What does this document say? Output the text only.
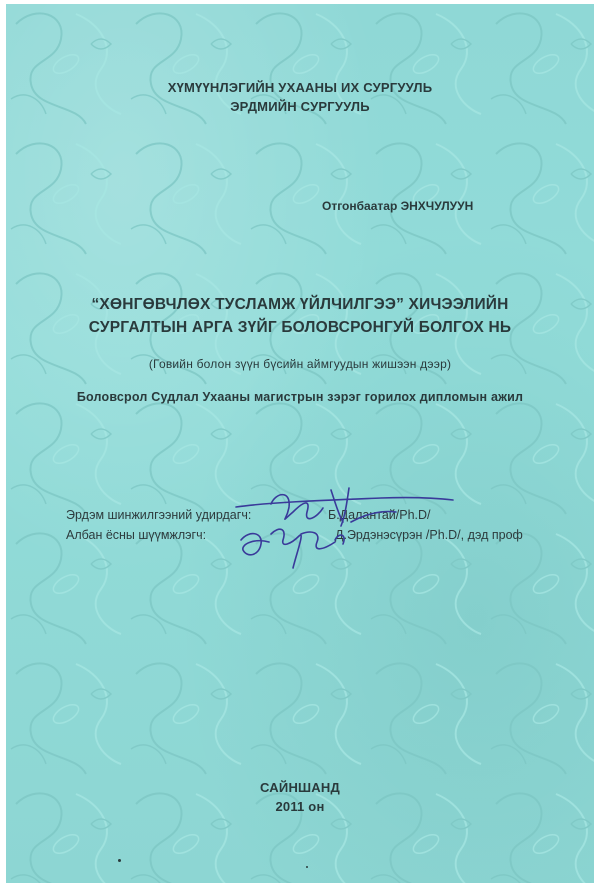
ХҮМҮҮНЛЭГИЙН УХААНЫ ИХ СУРГУУЛЬ
ЭРДМИЙН СУРГУУЛЬ
Отгонбаатар ЭНХЧУЛУУН
“ХӨНГӨВЧЛӨХ ТУСЛАМЖ ҮЙЛЧИЛГЭЭ” ХИЧЭЭЛИЙН
СУРГАЛТЫН АРГА ЗҮЙГ БОЛОВСРОНГУЙ БОЛГОХ НЬ
(Говийн болон зүүн бүсийн аймгуудын жишээн дээр)
Боловсрол Судлал Ухааны магистрын зэрэг горилох дипломын ажил
Эрдэм шинжилгээний удирдагч:	Б.Далантай/Ph.D/
Албан ёсны шүүмжлэгч:	Д.Эрдэнэсүрэн /Ph.D/, дэд проф
САЙНШАНД
2011 он
